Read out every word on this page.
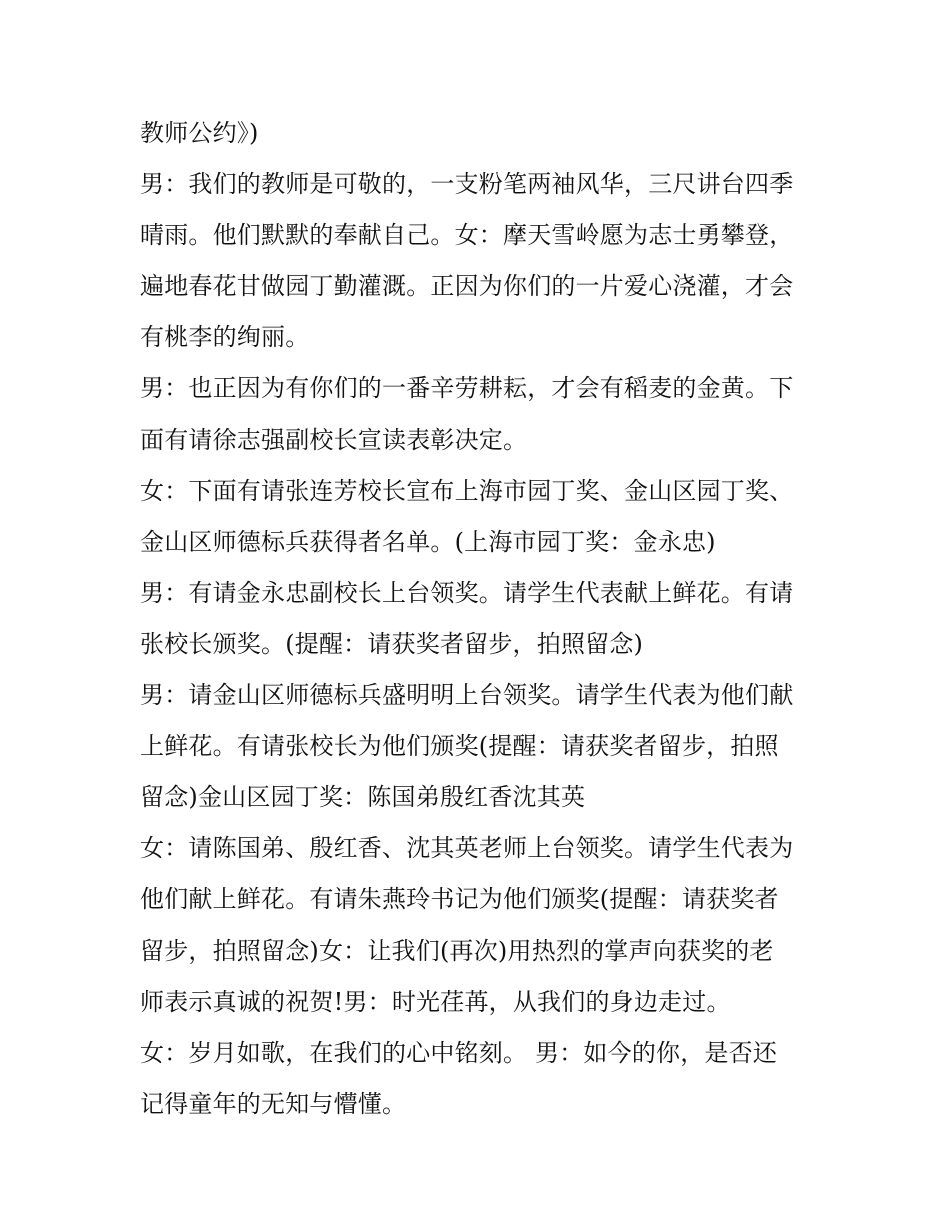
教师公约》)
男：我们的教师是可敬的，一支粉笔两袖风华，三尺讲台四季
晴雨。他们默默的奉献自己。女：摩天雪岭愿为志士勇攀登，
遍地春花甘做园丁勤灌溉。正因为你们的一片爱心浇灌，才会
有桃李的绚丽。
男：也正因为有你们的一番辛劳耕耘，才会有稻麦的金黄。下
面有请徐志强副校长宣读表彰决定。
女：下面有请张连芳校长宣布上海市园丁奖、金山区园丁奖、
金山区师德标兵获得者名单。(上海市园丁奖：金永忠)
男：有请金永忠副校长上台领奖。请学生代表献上鲜花。有请
张校长颁奖。(提醒：请获奖者留步，拍照留念)
男：请金山区师德标兵盛明明上台领奖。请学生代表为他们献
上鲜花。有请张校长为他们颁奖(提醒：请获奖者留步，拍照
留念)金山区园丁奖：陈国弟殷红香沈其英
女：请陈国弟、殷红香、沈其英老师上台领奖。请学生代表为
他们献上鲜花。有请朱燕玲书记为他们颁奖(提醒：请获奖者
留步，拍照留念)女：让我们(再次)用热烈的掌声向获奖的老
师表示真诚的祝贺!男：时光荏苒，从我们的身边走过。
女：岁月如歌，在我们的心中铭刻。 男：如今的你，是否还
记得童年的无知与懵懂。
